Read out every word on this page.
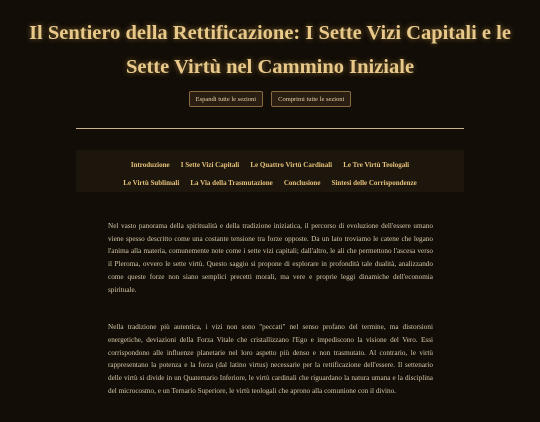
Il Sentiero della Rettificazione: I Sette Vizi Capitali e le Sette Virtù nel Cammino Iniziale
Espandi tutte le sezioni	Comprimi tutte le sezioni
Introduzione I Sette Vizi Capitali Le Quattro Virtù Cardinali Le Tre Virtù Teologali
Le Virtù Sublimali La Via della Trasmutazione Conclusione Sintesi delle Corrispondenze

Nel vasto panorama della spiritualità e della tradizione iniziatica, il percorso di evoluzione dell'essere umano viene spesso descritto come una costante tensione tra forze opposte. Da un lato troviamo le catene che legano l'anima alla materia, comunemente note come i sette vizi capitali; dall'altro, le ali che permettono l'ascesa verso il Pleroma, ovvero le sette virtù. Questo saggio si propone di esplorare in profondità tale dualità, analizzando come queste forze non siano semplici precetti morali, ma vere e proprie leggi dinamiche dell'economia spirituale.

Nella tradizione più autentica, i vizi non sono "peccati" nel senso profano del termine, ma distorsioni energetiche, deviazioni della Forza Vitale che cristallizzano l'Ego e impediscono la visione del Vero. Essi corrispondono alle influenze planetarie nel loro aspetto più denso e non trasmutato. Al contrario, le virtù rappresentano la potenza e la forza (dal latino virtus) necessarie per la rettificazione dell'essere. Il settenario delle virtù si divide in un Quaternario Inferiore, le virtù cardinali che riguardano la natura umana e la disciplina del microcosmo, e un Ternario Superiore, le virtù teologali che aprono alla comunione con il divino.
